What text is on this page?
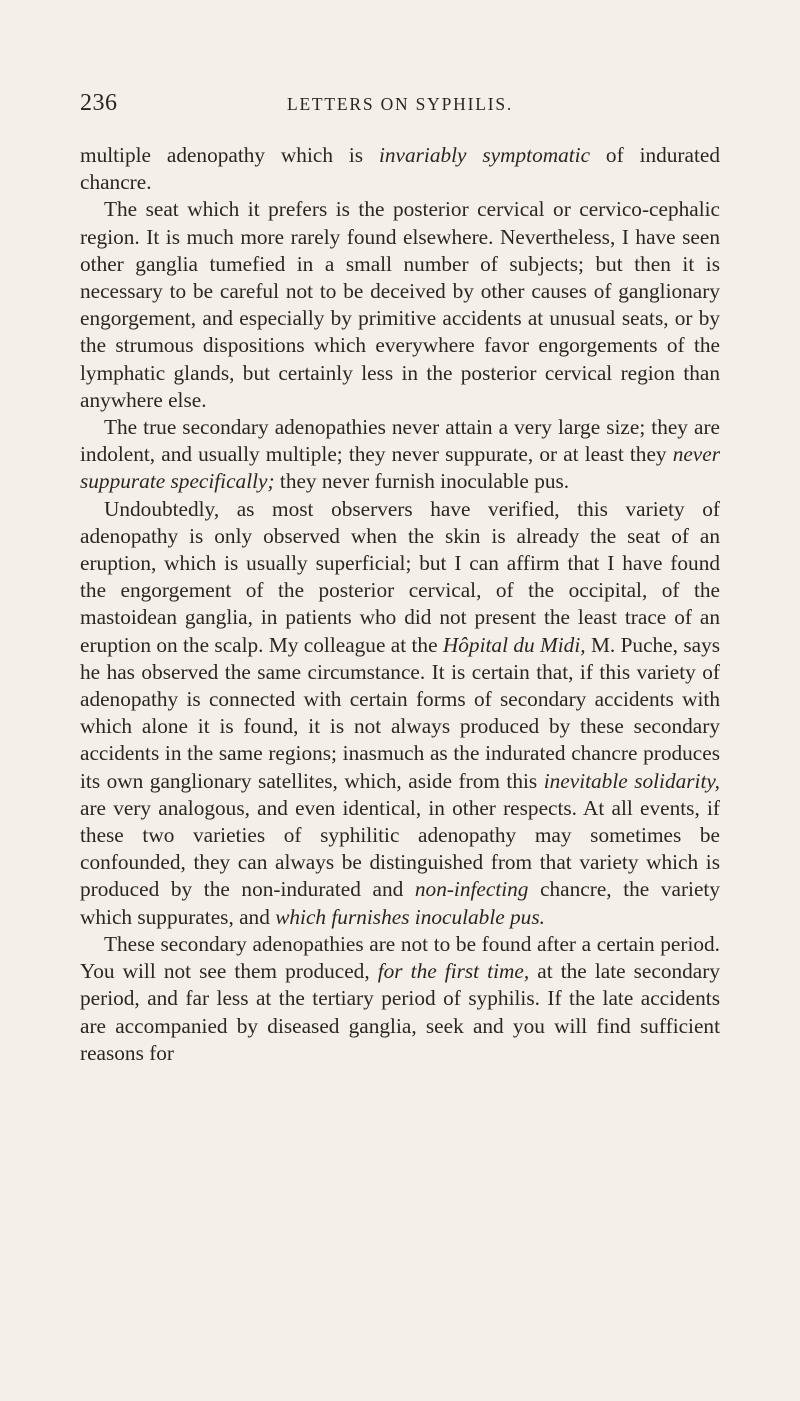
236	LETTERS ON SYPHILIS.

multiple adenopathy which is invariably symptomatic of indurated chancre.

The seat which it prefers is the posterior cervical or cervico-cephalic region. It is much more rarely found elsewhere. Nevertheless, I have seen other ganglia tumefied in a small number of subjects; but then it is necessary to be careful not to be deceived by other causes of ganglionary engorgement, and especially by primitive accidents at unusual seats, or by the strumous dispositions which everywhere favor engorgements of the lymphatic glands, but certainly less in the posterior cervical region than anywhere else.

The true secondary adenopathies never attain a very large size; they are indolent, and usually multiple; they never suppurate, or at least they never suppurate specifically; they never furnish inoculable pus.

Undoubtedly, as most observers have verified, this variety of adenopathy is only observed when the skin is already the seat of an eruption, which is usually superficial; but I can affirm that I have found the engorgement of the posterior cervical, of the occipital, of the mastoidean ganglia, in patients who did not present the least trace of an eruption on the scalp. My colleague at the Hôpital du Midi, M. Puche, says he has observed the same circumstance. It is certain that, if this variety of adenopathy is connected with certain forms of secondary accidents with which alone it is found, it is not always produced by these secondary accidents in the same regions; inasmuch as the indurated chancre produces its own ganglionary satellites, which, aside from this inevitable solidarity, are very analogous, and even identical, in other respects. At all events, if these two varieties of syphilitic adenopathy may sometimes be confounded, they can always be distinguished from that variety which is produced by the non-indurated and non-infecting chancre, the variety which suppurates, and which furnishes inoculable pus.

These secondary adenopathies are not to be found after a certain period. You will not see them produced, for the first time, at the late secondary period, and far less at the tertiary period of syphilis. If the late accidents are accompanied by diseased ganglia, seek and you will find sufficient reasons for
